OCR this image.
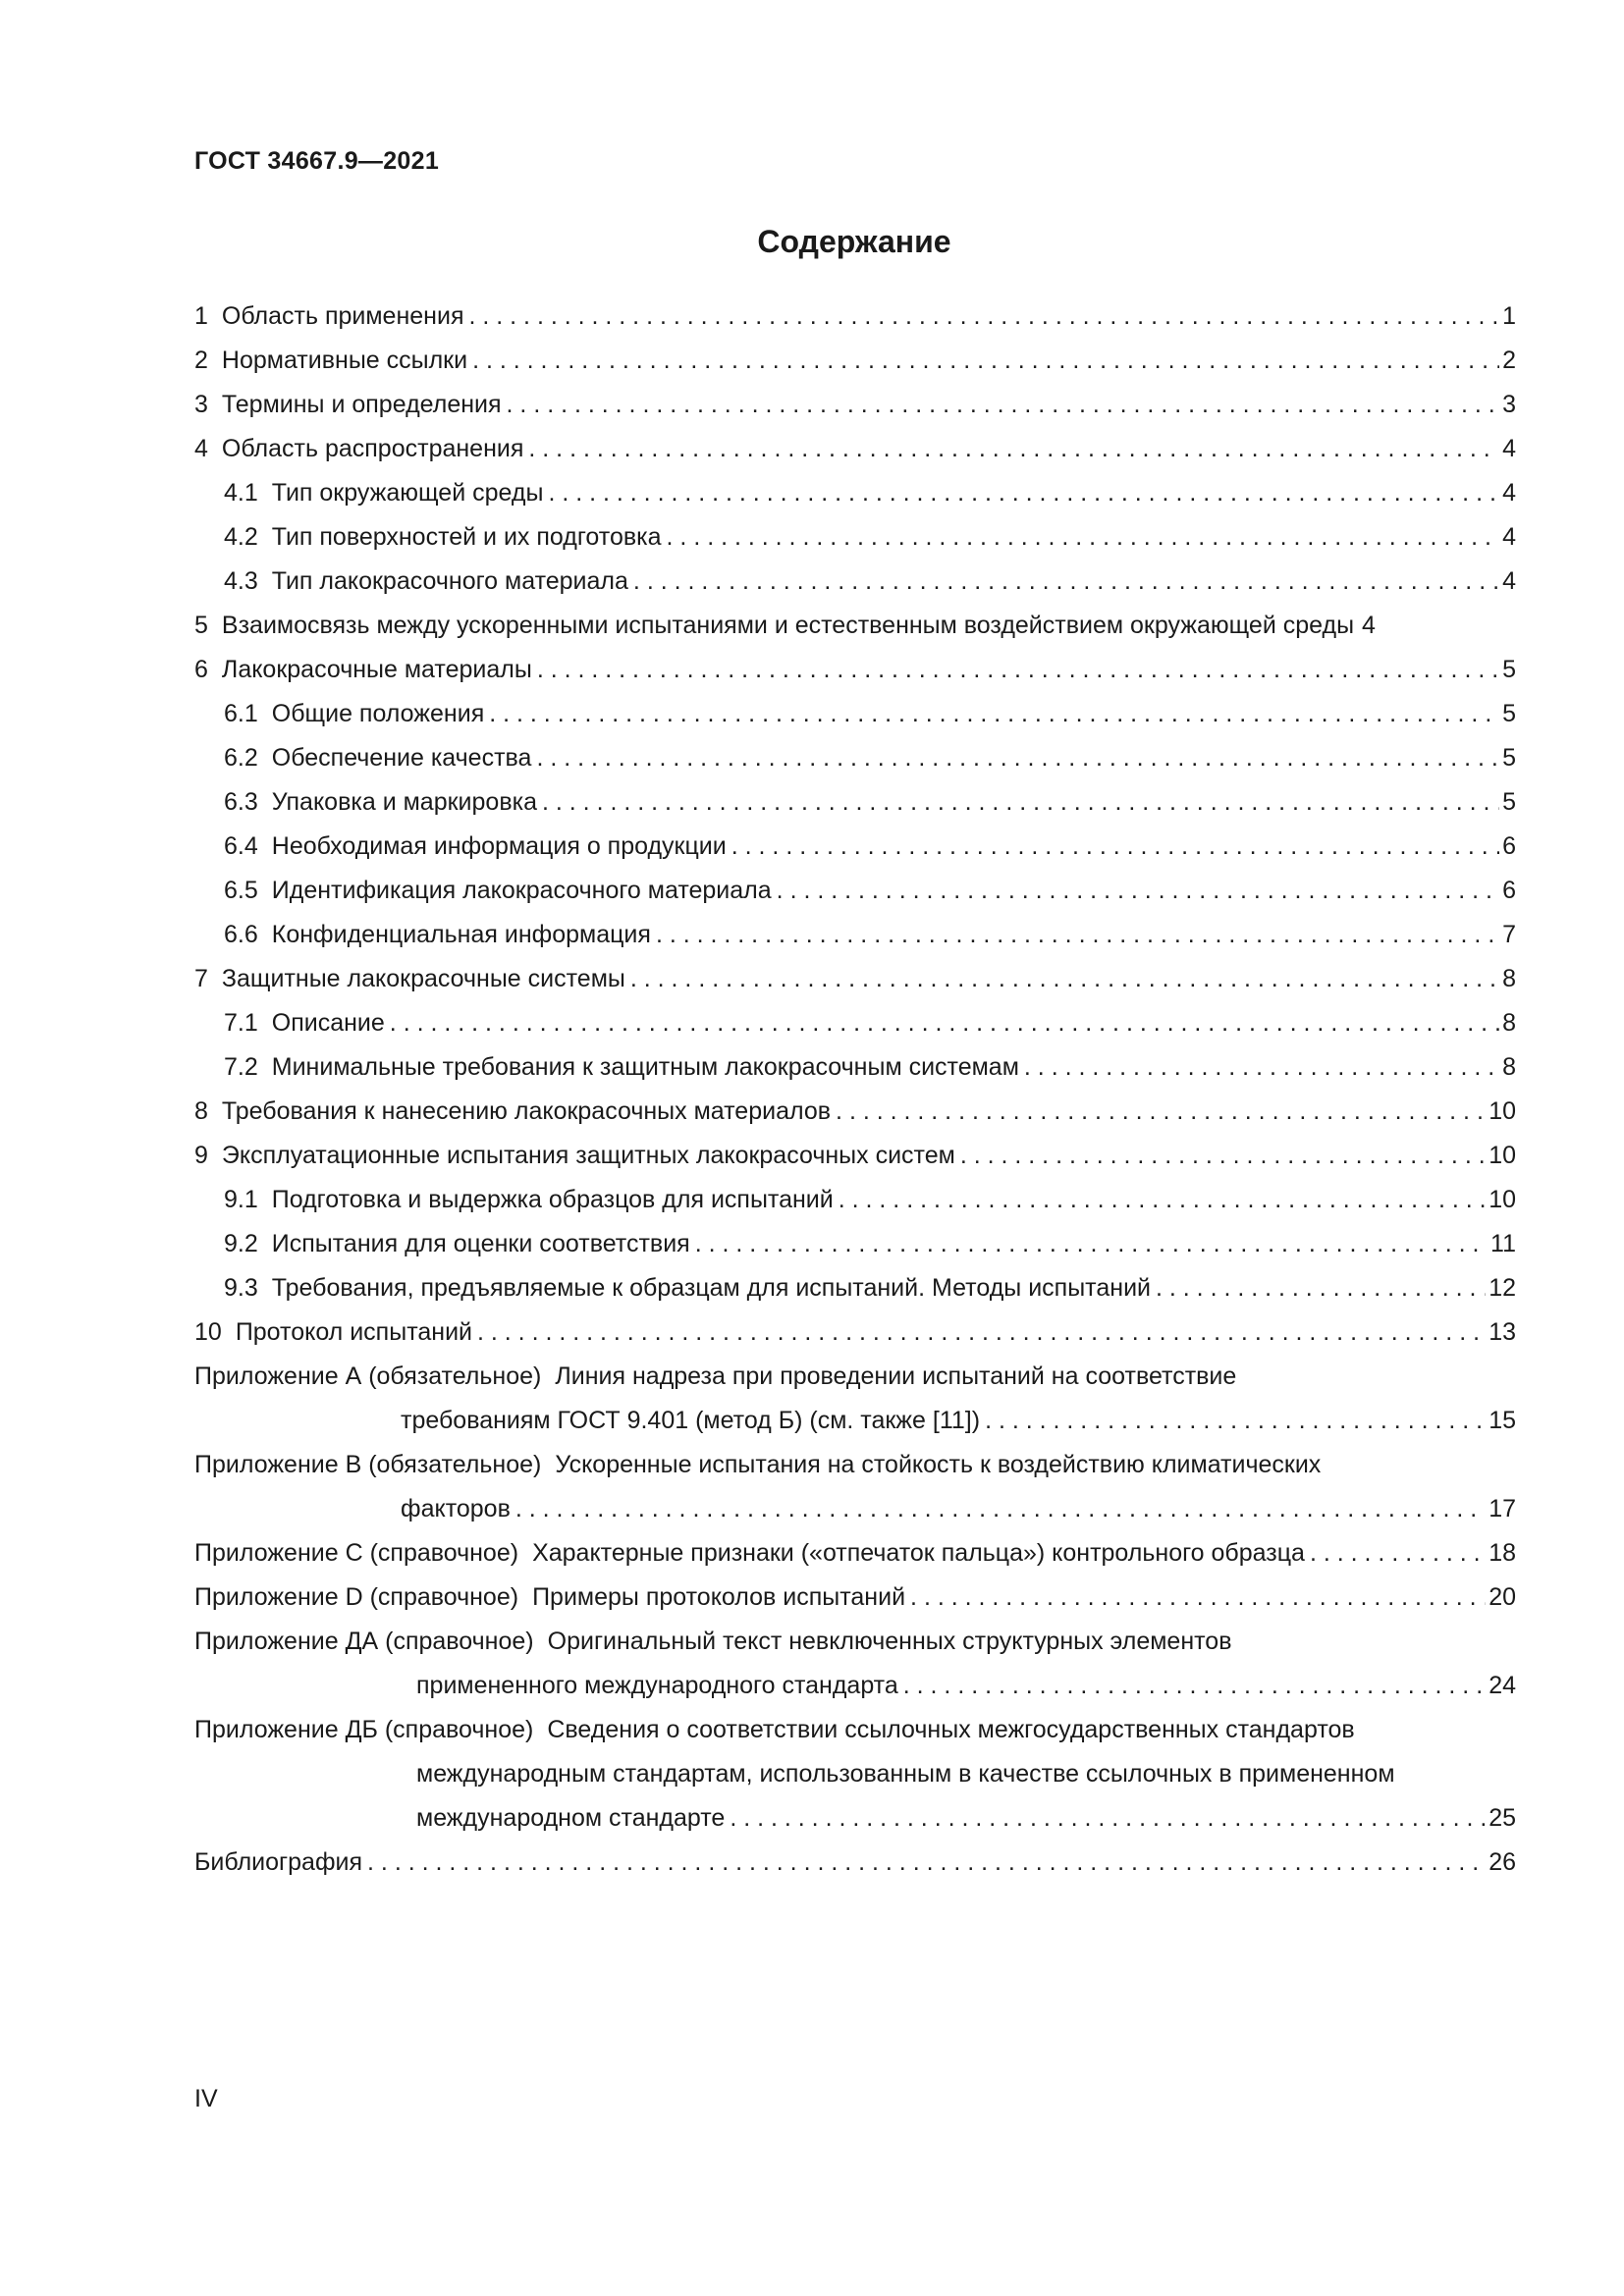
ГОСТ 34667.9—2021
Содержание
1 Область применения . . .	1
2 Нормативные ссылки . . .	2
3 Термины и определения . . .	3
4 Область распространения . . .	4
4.1 Тип окружающей среды . . .	4
4.2 Тип поверхностей и их подготовка . . .	4
4.3 Тип лакокрасочного материала . . .	4
5 Взаимосвязь между ускоренными испытаниями и естественным воздействием окружающей среды 4
6 Лакокрасочные материалы . . .	5
6.1 Общие положения . . .	5
6.2 Обеспечение качества . . .	5
6.3 Упаковка и маркировка . . .	5
6.4 Необходимая информация о продукции . . .	6
6.5 Идентификация лакокрасочного материала . . .	6
6.6 Конфиденциальная информация . . .	7
7 Защитные лакокрасочные системы . . .	8
7.1 Описание . . .	8
7.2 Минимальные требования к защитным лакокрасочным системам . . .	8
8 Требования к нанесению лакокрасочных материалов . . .	10
9 Эксплуатационные испытания защитных лакокрасочных систем . . .	10
9.1 Подготовка и выдержка образцов для испытаний . . .	10
9.2 Испытания для оценки соответствия . . .	11
9.3 Требования, предъявляемые к образцам для испытаний. Методы испытаний . . .	12
10 Протокол испытаний . . .	13
Приложение А (обязательное) Линия надреза при проведении испытаний на соответствие
требованиям ГОСТ 9.401 (метод Б) (см. также [11]) . . .	15
Приложение В (обязательное) Ускоренные испытания на стойкость к воздействию климатических
факторов . . .	17
Приложение С (справочное) Характерные признаки («отпечаток пальца») контрольного образца . . .	18
Приложение D (справочное) Примеры протоколов испытаний . . .	20
Приложение ДА (справочное) Оригинальный текст невключенных структурных элементов
примененного международного стандарта . . .	24
Приложение ДБ (справочное) Сведения о соответствии ссылочных межгосударственных стандартов
международным стандартам, использованным в качестве ссылочных в примененном
международном стандарте . . .	25
Библиография . . .	26
IV
